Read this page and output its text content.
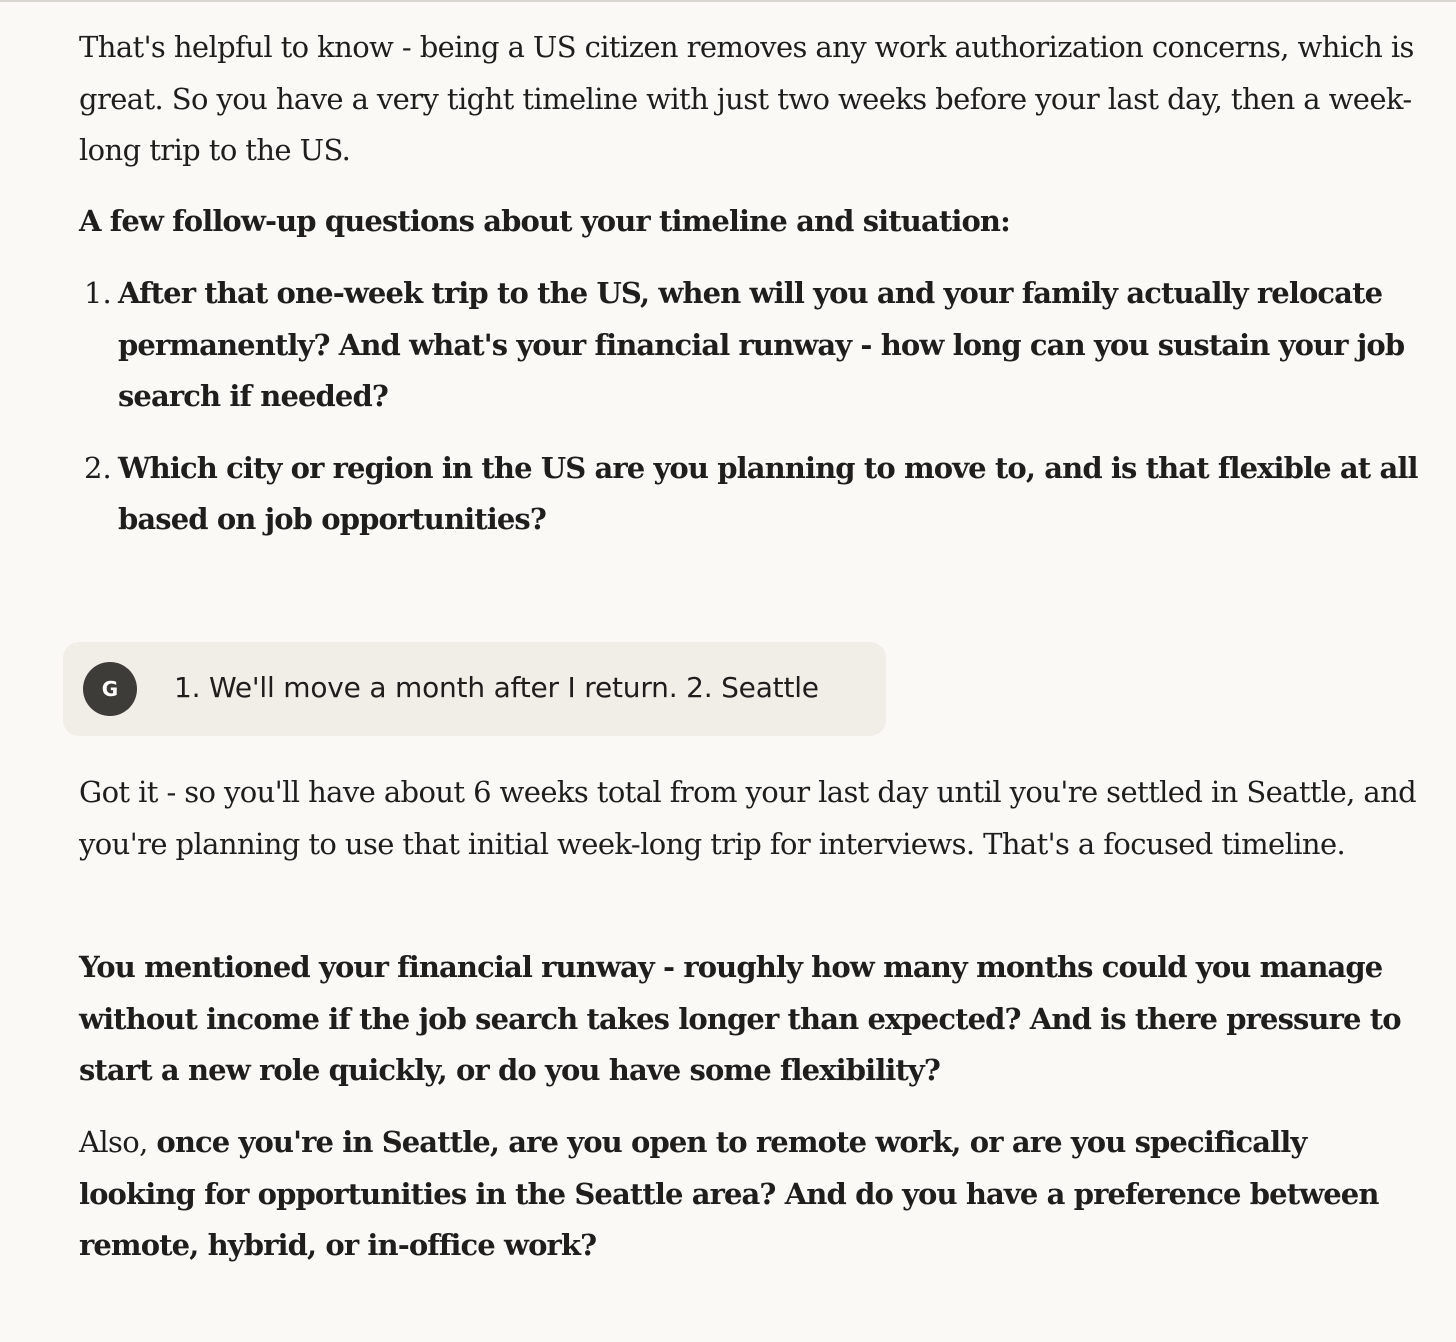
That's helpful to know - being a US citizen removes any work authorization concerns, which is great. So you have a very tight timeline with just two weeks before your last day, then a week-long trip to the US.

A few follow-up questions about your timeline and situation:

1. After that one-week trip to the US, when will you and your family actually relocate permanently? And what's your financial runway - how long can you sustain your job search if needed?
2. Which city or region in the US are you planning to move to, and is that flexible at all based on job opportunities?
G	1. We'll move a month after I return. 2. Seattle

Got it - so you'll have about 6 weeks total from your last day until you're settled in Seattle, and you're planning to use that initial week-long trip for interviews. That's a focused timeline.

You mentioned your financial runway - roughly how many months could you manage without income if the job search takes longer than expected? And is there pressure to start a new role quickly, or do you have some flexibility?

Also, once you're in Seattle, are you open to remote work, or are you specifically looking for opportunities in the Seattle area? And do you have a preference between remote, hybrid, or in-office work?
